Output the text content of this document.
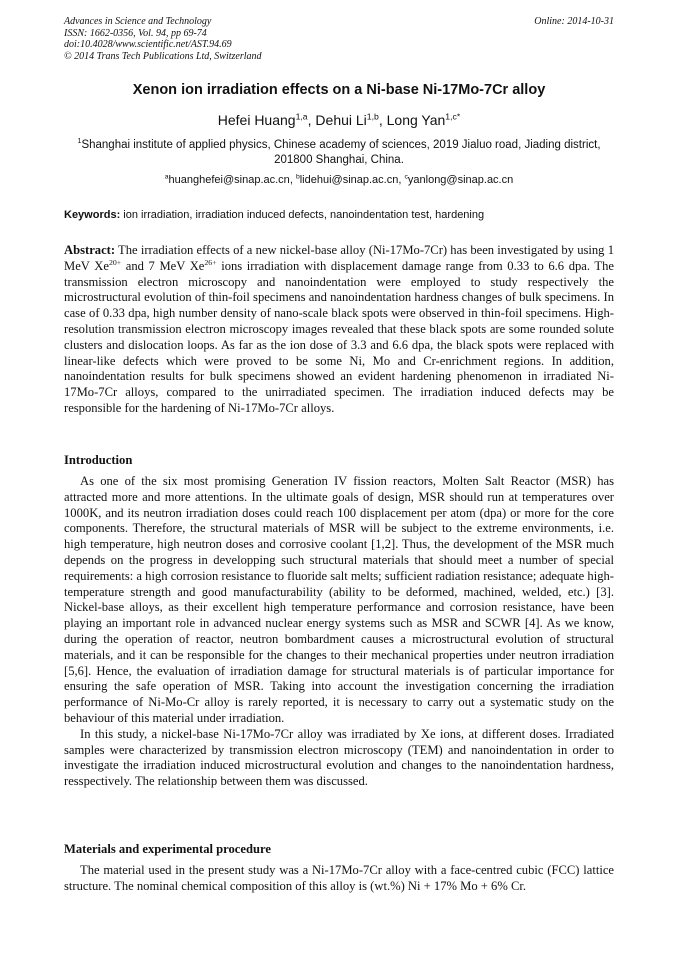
Advances in Science and Technology
ISSN: 1662-0356, Vol. 94, pp 69-74
doi:10.4028/www.scientific.net/AST.94.69
© 2014 Trans Tech Publications Ltd, Switzerland
Online: 2014-10-31
Xenon ion irradiation effects on a Ni-base Ni-17Mo-7Cr alloy
Hefei Huang$^{1,a}$, Dehui Li$^{1,b}$, Long Yan$^{1,c*}$
$^1$Shanghai institute of applied physics, Chinese academy of sciences, 2019 Jialuo road, Jiading district, 201800 Shanghai, China.
$^a$huanghefei@sinap.ac.cn, $^b$lidehui@sinap.ac.cn, $^c$yanlong@sinap.ac.cn
Keywords: ion irradiation, irradiation induced defects, nanoindentation test, hardening
Abstract: The irradiation effects of a new nickel-base alloy (Ni-17Mo-7Cr) has been investigated by using 1 MeV $Xe^{20+}$ and 7 MeV $Xe^{26+}$ ions irradiation with displacement damage range from 0.33 to 6.6 dpa. The transmission electron microscopy and nanoindentation were employed to study respectively the microstructural evolution of thin-foil specimens and nanoindentation hardness changes of bulk specimens. In case of 0.33 dpa, high number density of nano-scale black spots were observed in thin-foil specimens. High-resolution transmission electron microscopy images revealed that these black spots are some rounded solute clusters and dislocation loops. As far as the ion dose of 3.3 and 6.6 dpa, the black spots were replaced with linear-like defects which were proved to be some Ni, Mo and Cr-enrichment regions. In addition, nanoindentation results for bulk specimens showed an evident hardening phenomenon in irradiated Ni-17Mo-7Cr alloys, compared to the unirradiated specimen. The irradiation induced defects may be responsible for the hardening of Ni-17Mo-7Cr alloys.
Introduction

As one of the six most promising Generation IV fission reactors, Molten Salt Reactor (MSR) has attracted more and more attentions. In the ultimate goals of design, MSR should run at temperatures over 1000K, and its neutron irradiation doses could reach 100 displacement per atom (dpa) or more for the core components. Therefore, the structural materials of MSR will be subject to the extreme environments, i.e. high temperature, high neutron doses and corrosive coolant [1,2]. Thus, the development of the MSR much depends on the progress in developping such structural materials that should meet a number of special requirements: a high corrosion resistance to fluoride salt melts; sufficient radiation resistance; adequate high-temperature strength and good manufacturability (ability to be deformed, machined, welded, etc.) [3]. Nickel-base alloys, as their excellent high temperature performance and corrosion resistance, have been playing an important role in advanced nuclear energy systems such as MSR and SCWR [4]. As we know, during the operation of reactor, neutron bombardment causes a microstructural evolution of structural materials, and it can be responsible for the changes to their mechanical properties under neutron irradiation [5,6]. Hence, the evaluation of irradiation damage for structural materials is of particular importance for ensuring the safe operation of MSR. Taking into account the investigation concerning the irradiation performance of Ni-Mo-Cr alloy is rarely reported, it is necessary to carry out a systematic study on the behaviour of this material under irradiation.

In this study, a nickel-base Ni-17Mo-7Cr alloy was irradiated by Xe ions, at different doses. Irradiated samples were characterized by transmission electron microscopy (TEM) and nanoindentation in order to investigate the irradiation induced microstructural evolution and changes to the nanoindentation hardness, resspectively. The relationship between them was discussed.

Materials and experimental procedure

The material used in the present study was a Ni-17Mo-7Cr alloy with a face-centred cubic (FCC) lattice structure. The nominal chemical composition of this alloy is (wt.%) Ni + 17% Mo + 6% Cr.
